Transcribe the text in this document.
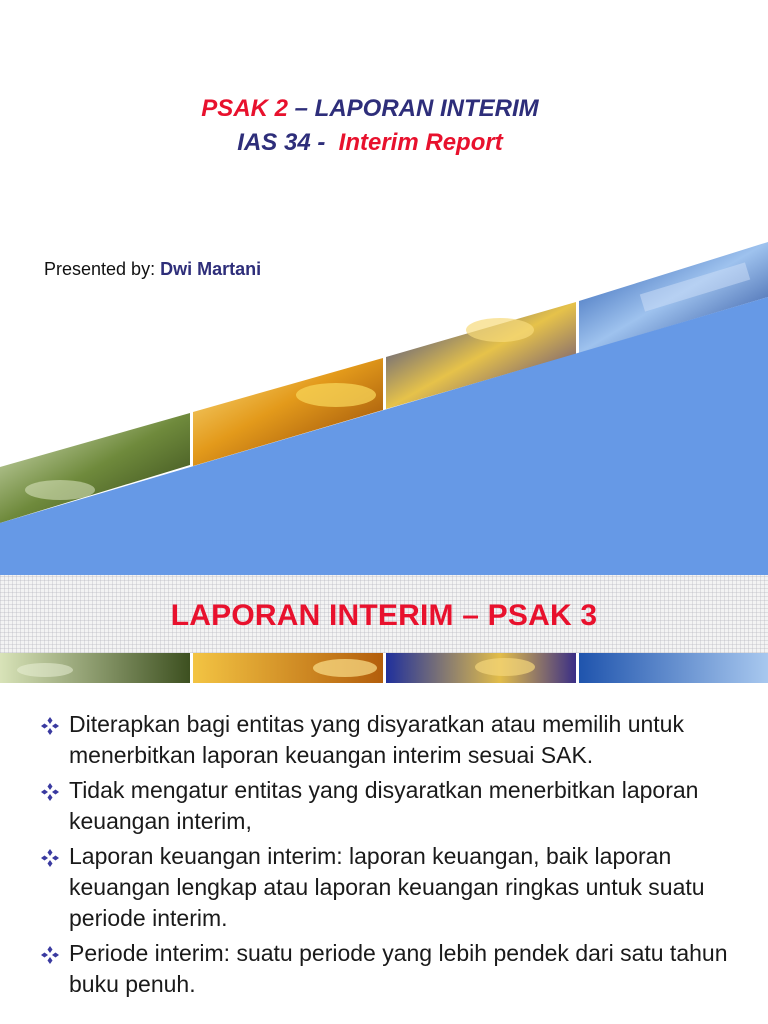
PSAK 2 – LAPORAN INTERIM
IAS 34 - Interim Report
Presented by: Dwi Martani
LAPORAN INTERIM – PSAK 3
Diterapkan bagi entitas yang disyaratkan atau memilih untuk menerbitkan laporan keuangan interim sesuai SAK.
Tidak mengatur entitas yang disyaratkan menerbitkan laporan keuangan interim,
Laporan keuangan interim: laporan keuangan, baik laporan keuangan lengkap atau laporan keuangan ringkas untuk suatu periode interim.
Periode interim: suatu periode yang lebih pendek dari satu tahun buku penuh.
